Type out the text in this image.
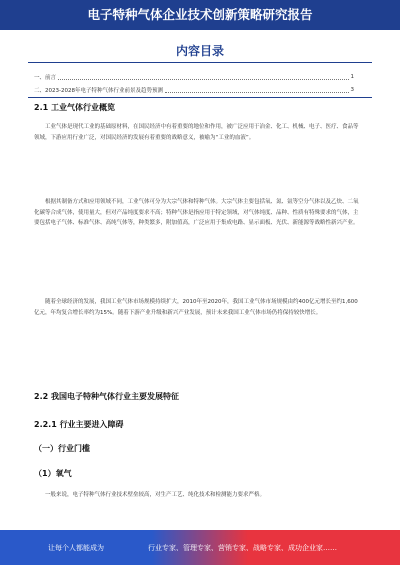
电子特种气体企业技术创新策略研究报告
内容目录
一、前言	1
二、2023-2028年电子特种气体行业前景及趋势预测	3
2.1 工业气体行业概览

工业气体是现代工业的基础原材料，在国民经济中有着重要的地位和作用，被广泛应用于冶金、化工、机械、电子、医疗、食品等领域，下游应用行业广泛，对国民经济的发展有着重要的战略意义，被喻为“工业的血液”。

根据其制备方式和应用领域不同，工业气体可分为大宗气体和特种气体。大宗气体主要包括氧、氮、氩等空分气体以及乙炔、二氧化碳等合成气体，使用量大，但对产品纯度要求不高；特种气体是指应用于特定领域，对气体纯度、品种、性质有特殊要求的气体，主要包括电子气体、标准气体、高纯气体等，种类繁多，附加值高，广泛应用于集成电路、显示面板、光伏、新能源等战略性新兴产业。

随着全球经济的发展，我国工业气体市场规模持续扩大，2010年至2020年，我国工业气体市场规模由约400亿元增长至约1,600亿元，年均复合增长率约为15%。随着下游产业升级和新兴产业发展，预计未来我国工业气体市场仍将保持较快增长。

2.2 我国电子特种气体行业主要发展特征
2.2.1 行业主要进入障碍
（一）行业门槛
（1）氧气

一般来说，电子特种气体行业技术壁垒较高，对生产工艺、纯化技术和检测能力要求严格。

让每个人都能成为	行业专家、管理专家、营销专家、战略专家、成功企业家……
